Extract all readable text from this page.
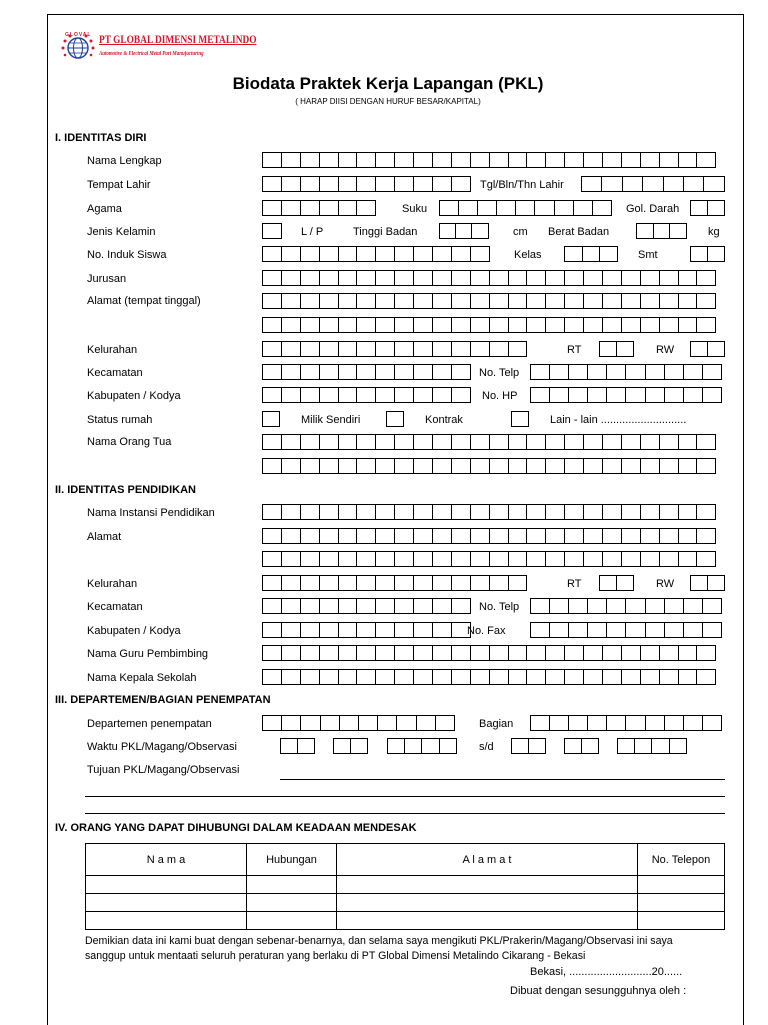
GLOVAL PT GLOBAL DIMENSI METALINDO
Automotive & Electrical Metal Part Manufacturing
Biodata Praktek Kerja Lapangan (PKL)
( HARAP DIISI DENGAN HURUF BESAR/KAPITAL)
I. IDENTITAS DIRI
Nama Lengkap
Tempat Lahir	Tgl/Bln/Thn Lahir
Agama	Suku	Gol. Darah
Jenis Kelamin	L / P	Tinggi Badan	cm Berat Badan	kg
No. Induk Siswa	Kelas	Smt
Jurusan
Alamat (tempat tinggal)
Kelurahan	RT	RW
Kecamatan	No. Telp
Kabupaten / Kodya	No. HP
Status rumah	Milik Sendiri	Kontrak	Lain - lain ............................
Nama Orang Tua
II. IDENTITAS PENDIDIKAN
Nama Instansi Pendidikan
Alamat
Kelurahan	RT	RW
Kecamatan	No. Telp
Kabupaten / Kodya	No. Fax
Nama Guru Pembimbing
Nama Kepala Sekolah
III. DEPARTEMEN/BAGIAN PENEMPATAN
Departemen penempatan	Bagian
Waktu PKL/Magang/Observasi	s/d
Tujuan PKL/Magang/Observasi
IV. ORANG YANG DAPAT DIHUBUNGI DALAM KEADAAN MENDESAK
N a m a	Hubungan	A l a m a t	No. Telepon

Demikian data ini kami buat dengan sebenar-benarnya, dan selama saya mengikuti PKL/Prakerin/Magang/Observasi ini saya
sanggup untuk mentaati seluruh peraturan yang berlaku di PT Global Dimensi Metalindo Cikarang - Bekasi
Bekasi, ...........................20......
Dibuat dengan sesungguhnya oleh :
